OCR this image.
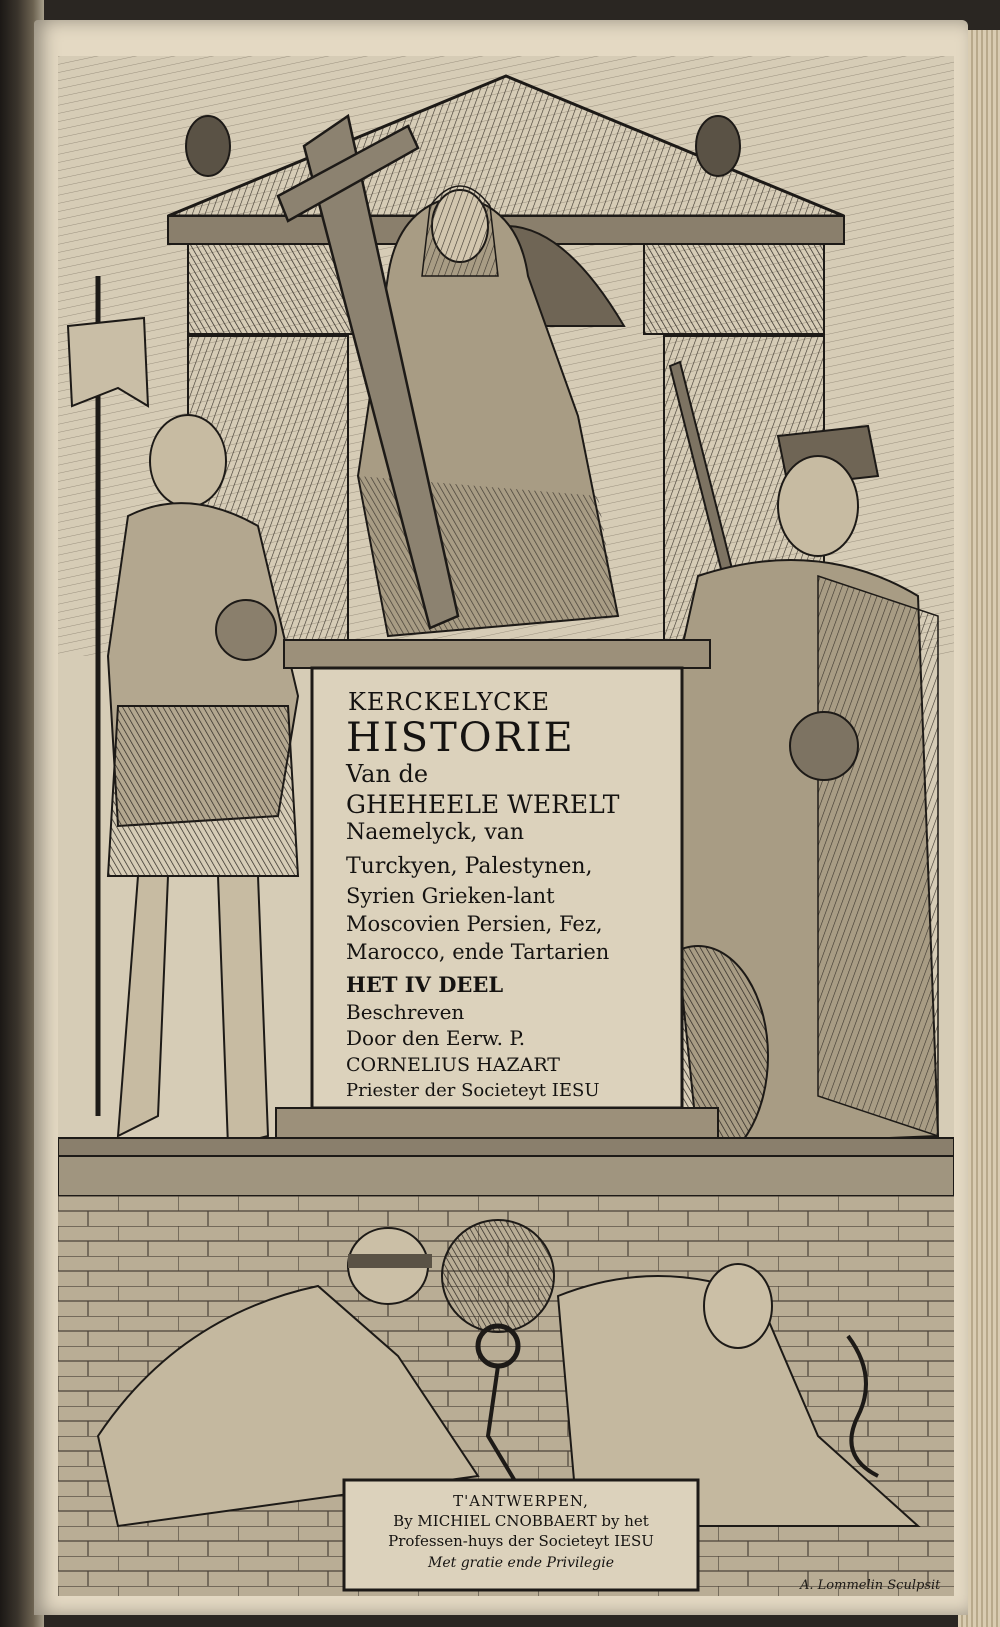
KERCKELYCKE
HISTORIE
Van de
GHEHEELE WERELT
Naemelyck, van
Turckyen, Palestynen,
Syrien Grieken-lant
Moscovien Persien, Fez,
Marocco, ende Tartarien
HET IV DEEL
Beschreven
Door den Eerw. P.
CORNELIUS HAZART
Priester der Societeyt IESU
T'ANTWERPEN,
By MICHIEL CNOBBAERT by het
Professen-huys der Societeyt IESU
Met gratie ende Privilegie
A. Lommelin Sculpsit
